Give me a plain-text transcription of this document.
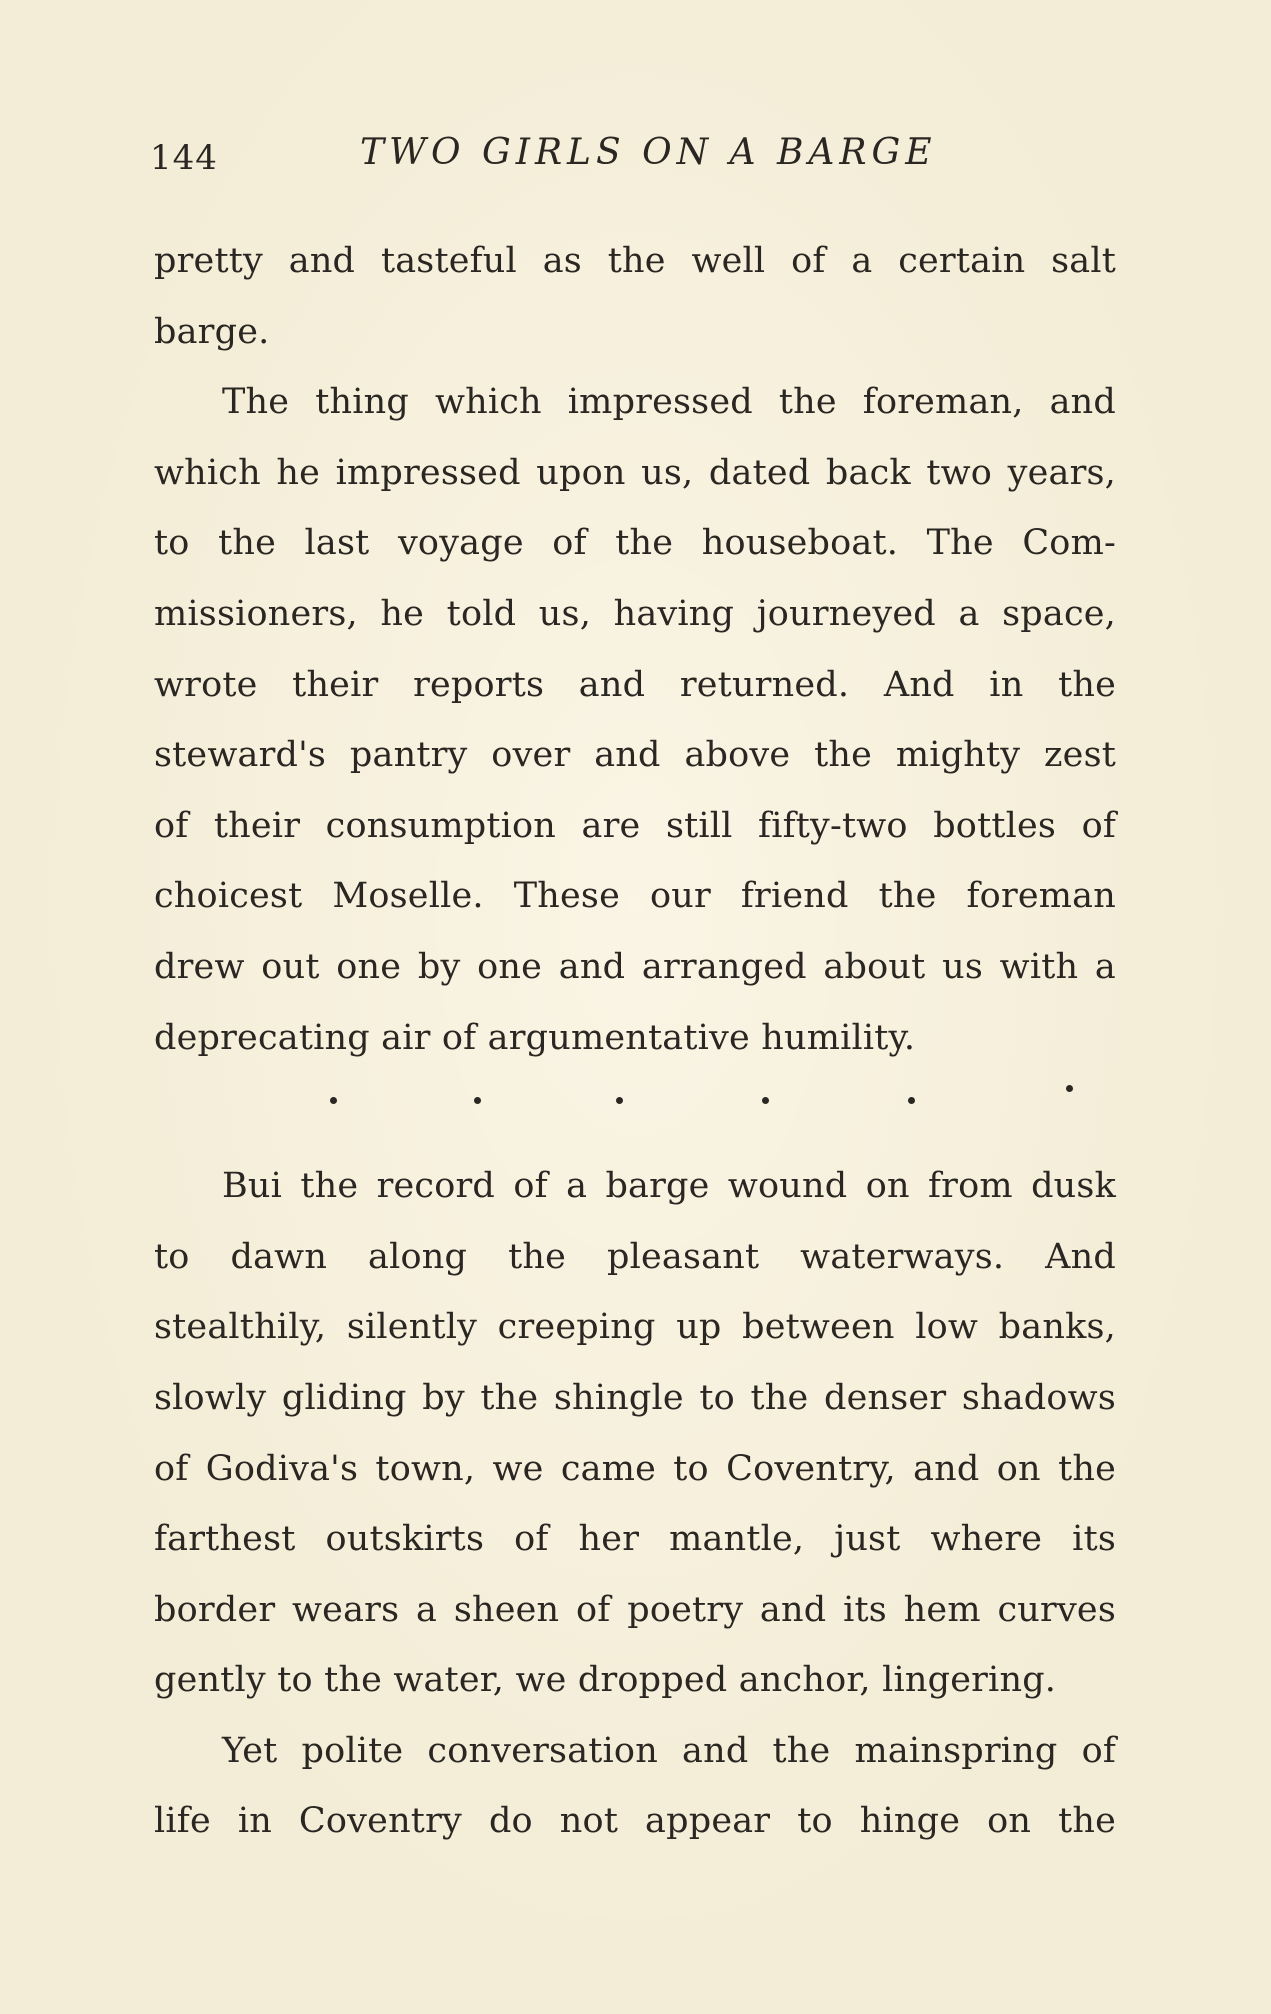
144	TWO GIRLS ON A BARGE
pretty and tasteful as the well of a certain salt
barge.
The thing which impressed the foreman, and
which he impressed upon us, dated back two years,
to the last voyage of the houseboat. The Com-
missioners, he told us, having journeyed a space,
wrote their reports and returned. And in the
steward's pantry over and above the mighty zest
of their consumption are still fifty-two bottles of
choicest Moselle. These our friend the foreman
drew out one by one and arranged about us with a
deprecating air of argumentative humility.
Bui the record of a barge wound on from dusk
to dawn along the pleasant waterways. And
stealthily, silently creeping up between low banks,
slowly gliding by the shingle to the denser shadows
of Godiva's town, we came to Coventry, and on the
farthest outskirts of her mantle, just where its
border wears a sheen of poetry and its hem curves
gently to the water, we dropped anchor, lingering.
Yet polite conversation and the mainspring of
life in Coventry do not appear to hinge on the
